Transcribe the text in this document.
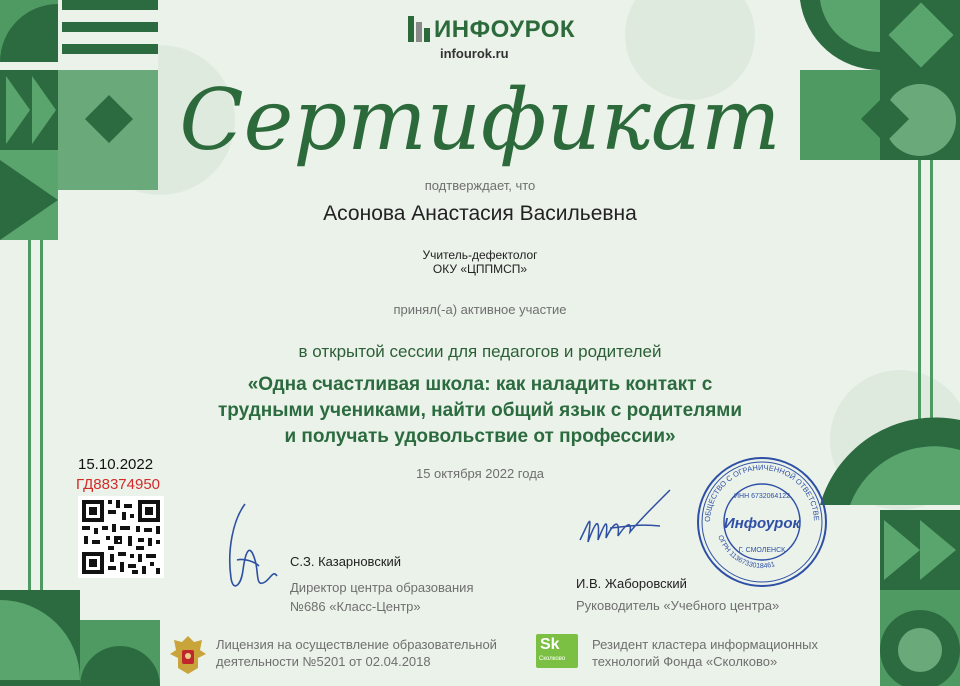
ИНФОУРОК
infourok.ru
Сертификат
подтверждает, что
Асонова Анастасия Васильевна
Учитель-дефектолог
ОКУ «ЦППМСП»
принял(-а) активное участие
в открытой сессии для педагогов и родителей
«Одна счастливая школа: как наладить контакт с
трудными учениками, найти общий язык с родителями
и получать удовольствие от профессии»
15 октября 2022 года
15.10.2022
ГД88374950
С.З. Казарновский
Директор центра образования
№686 «Класс-Центр»
И.В. Жаборовский
Руководитель «Учебного центра»
ОБЩЕСТВО С ОГРАНИЧЕННОЙ ОТВЕТСТВЕ
ОГРН 1136733018461
ИНН 6732064122
Инфоурок
Г. СМОЛЕНСК
Лицензия на осуществление образовательной
деятельности №5201 от 02.04.2018
Sk
Сколково
Резидент кластера информационных
технологий Фонда «Сколково»
